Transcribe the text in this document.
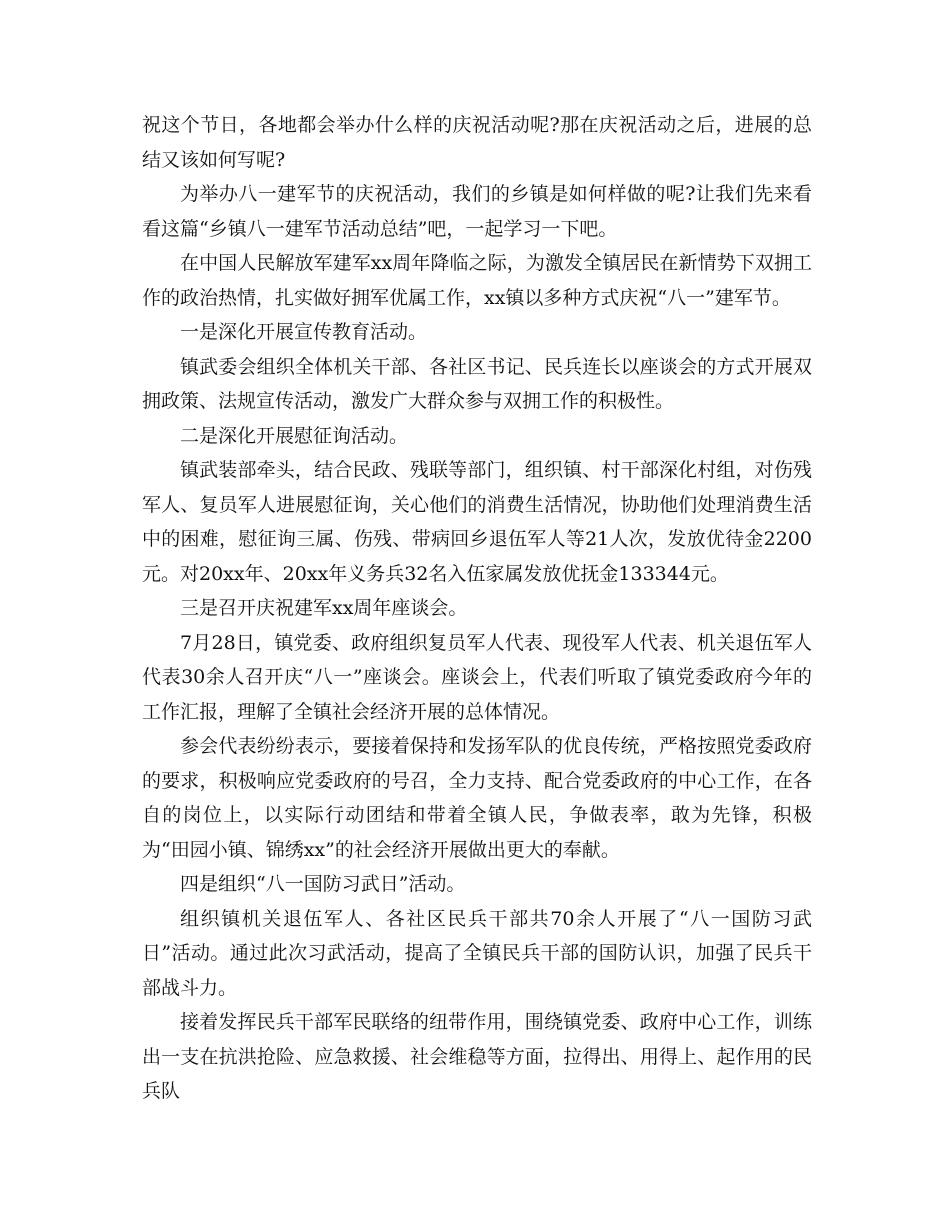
祝这个节日，各地都会举办什么样的庆祝活动呢?那在庆祝活动之后，进展的总结又该如何写呢?

为举办八一建军节的庆祝活动，我们的乡镇是如何样做的呢?让我们先来看看这篇“乡镇八一建军节活动总结”吧，一起学习一下吧。

在中国人民解放军建军xx周年降临之际，为激发全镇居民在新情势下双拥工作的政治热情，扎实做好拥军优属工作，xx镇以多种方式庆祝“八一”建军节。

一是深化开展宣传教育活动。

镇武委会组织全体机关干部、各社区书记、民兵连长以座谈会的方式开展双拥政策、法规宣传活动，激发广大群众参与双拥工作的积极性。

二是深化开展慰征询活动。

镇武装部牵头，结合民政、残联等部门，组织镇、村干部深化村组，对伤残军人、复员军人进展慰征询，关心他们的消费生活情况，协助他们处理消费生活中的困难，慰征询三属、伤残、带病回乡退伍军人等21人次，发放优待金2200元。对20xx年、20xx年义务兵32名入伍家属发放优抚金133344元。

三是召开庆祝建军xx周年座谈会。

7月28日，镇党委、政府组织复员军人代表、现役军人代表、机关退伍军人代表30余人召开庆“八一”座谈会。座谈会上，代表们听取了镇党委政府今年的工作汇报，理解了全镇社会经济开展的总体情况。

参会代表纷纷表示，要接着保持和发扬军队的优良传统，严格按照党委政府的要求，积极响应党委政府的号召，全力支持、配合党委政府的中心工作，在各自的岗位上，以实际行动团结和带着全镇人民，争做表率，敢为先锋，积极为“田园小镇、锦绣xx”的社会经济开展做出更大的奉献。

四是组织“八一国防习武日”活动。

组织镇机关退伍军人、各社区民兵干部共70余人开展了“八一国防习武日”活动。通过此次习武活动，提高了全镇民兵干部的国防认识，加强了民兵干部战斗力。

接着发挥民兵干部军民联络的纽带作用，围绕镇党委、政府中心工作，训练出一支在抗洪抢险、应急救援、社会维稳等方面，拉得出、用得上、起作用的民兵队
